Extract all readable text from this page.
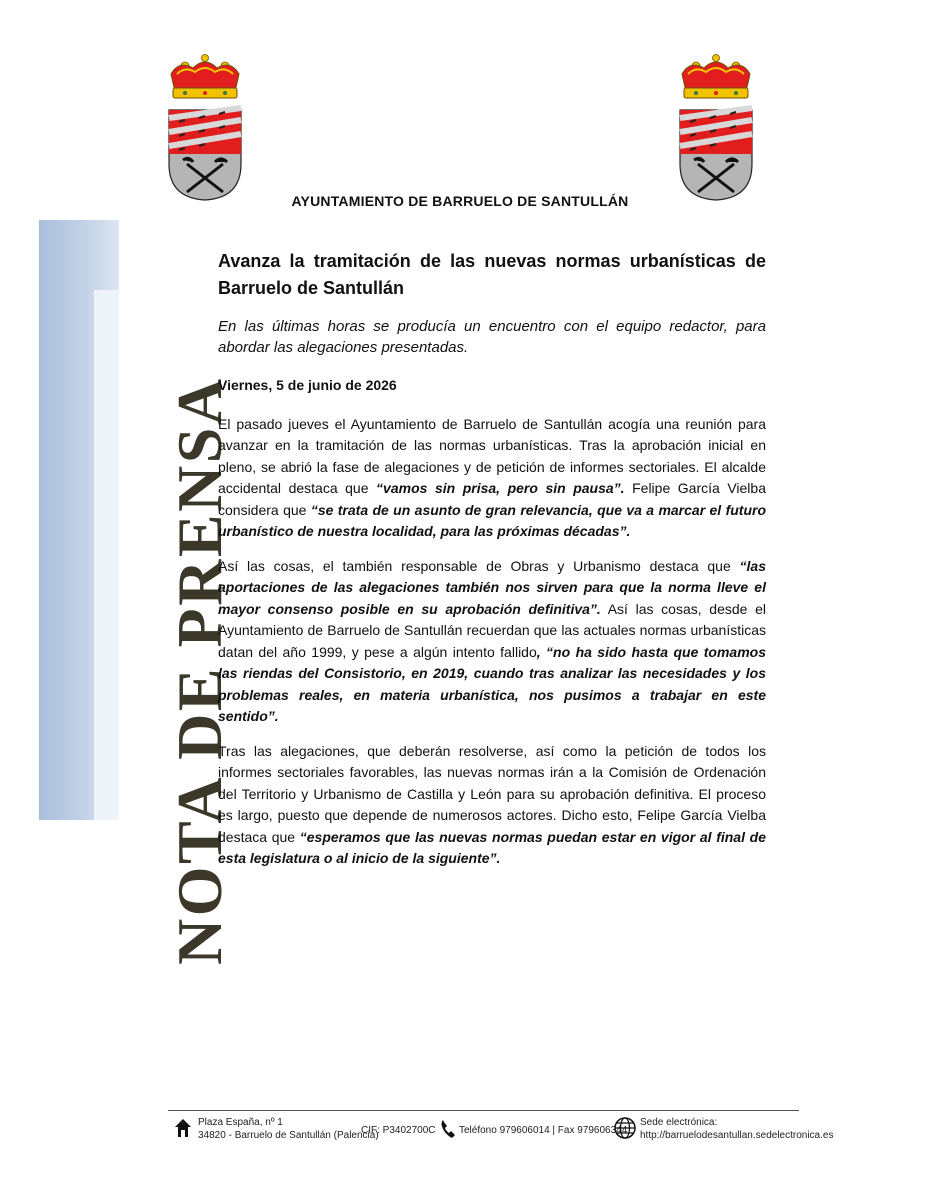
AYUNTAMIENTO DE BARRUELO DE SANTULLÁN
NOTA DE PRENSA
Avanza la tramitación de las nuevas normas urbanísticas de Barruelo de Santullán
En las últimas horas se producía un encuentro con el equipo redactor, para abordar las alegaciones presentadas.
Viernes, 5 de junio de 2026

El pasado jueves el Ayuntamiento de Barruelo de Santullán acogía una reunión para avanzar en la tramitación de las normas urbanísticas. Tras la aprobación inicial en pleno, se abrió la fase de alegaciones y de petición de informes sectoriales. El alcalde accidental destaca que “vamos sin prisa, pero sin pausa”. Felipe García Vielba considera que “se trata de un asunto de gran relevancia, que va a marcar el futuro urbanístico de nuestra localidad, para las próximas décadas”.

Así las cosas, el también responsable de Obras y Urbanismo destaca que “las aportaciones de las alegaciones también nos sirven para que la norma lleve el mayor consenso posible en su aprobación definitiva”. Así las cosas, desde el Ayuntamiento de Barruelo de Santullán recuerdan que las actuales normas urbanísticas datan del año 1999, y pese a algún intento fallido, “no ha sido hasta que tomamos las riendas del Consistorio, en 2019, cuando tras analizar las necesidades y los problemas reales, en materia urbanística, nos pusimos a trabajar en este sentido”.

Tras las alegaciones, que deberán resolverse, así como la petición de todos los informes sectoriales favorables, las nuevas normas irán a la Comisión de Ordenación del Territorio y Urbanismo de Castilla y León para su aprobación definitiva. El proceso es largo, puesto que depende de numerosos actores. Dicho esto, Felipe García Vielba destaca que “esperamos que las nuevas normas puedan estar en vigor al final de esta legislatura o al inicio de la siguiente”.

Plaza España, nº 1
34820 - Barruelo de Santullán (Palencia)
CIF: P3402700C Teléfono 979606014 | Fax 979606344
Sede electrónica:
http://barruelodesantullan.sedelectronica.es
